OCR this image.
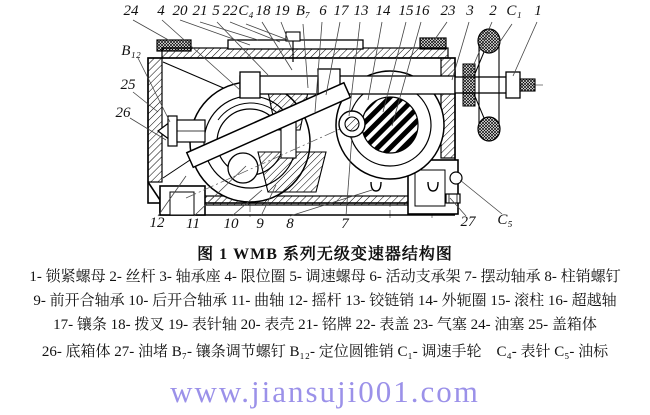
24 4 20 21 5 22 C₄ 18 19 B₇ 6 17 13 14 15 16 23 3 2 C₁ 1
B₁₂
25
26
12 11 10 9 8	7	27 C₅
图 1 WMB 系列无级变速器结构图
1- 锁紧螺母 2- 丝杆 3- 轴承座 4- 限位圈 5- 调速螺母 6- 活动支承架 7- 摆动轴承 8- 柱销螺钉
9- 前开合轴承 10- 后开合轴承 11- 曲轴 12- 摇杆 13- 铰链销 14- 外轭圈 15- 滚柱 16- 超越轴
17- 镶条 18- 拨叉 19- 表针轴 20- 表壳 21- 铭牌 22- 表盖 23- 气塞 24- 油塞 25- 盖箱体
26- 底箱体 27- 油堵 B₇- 镶条调节螺钉 B₁₂- 定位圆锥销 C₁- 调速手轮　C₄- 表针 C₅- 油标
www.jiansuji001.com
